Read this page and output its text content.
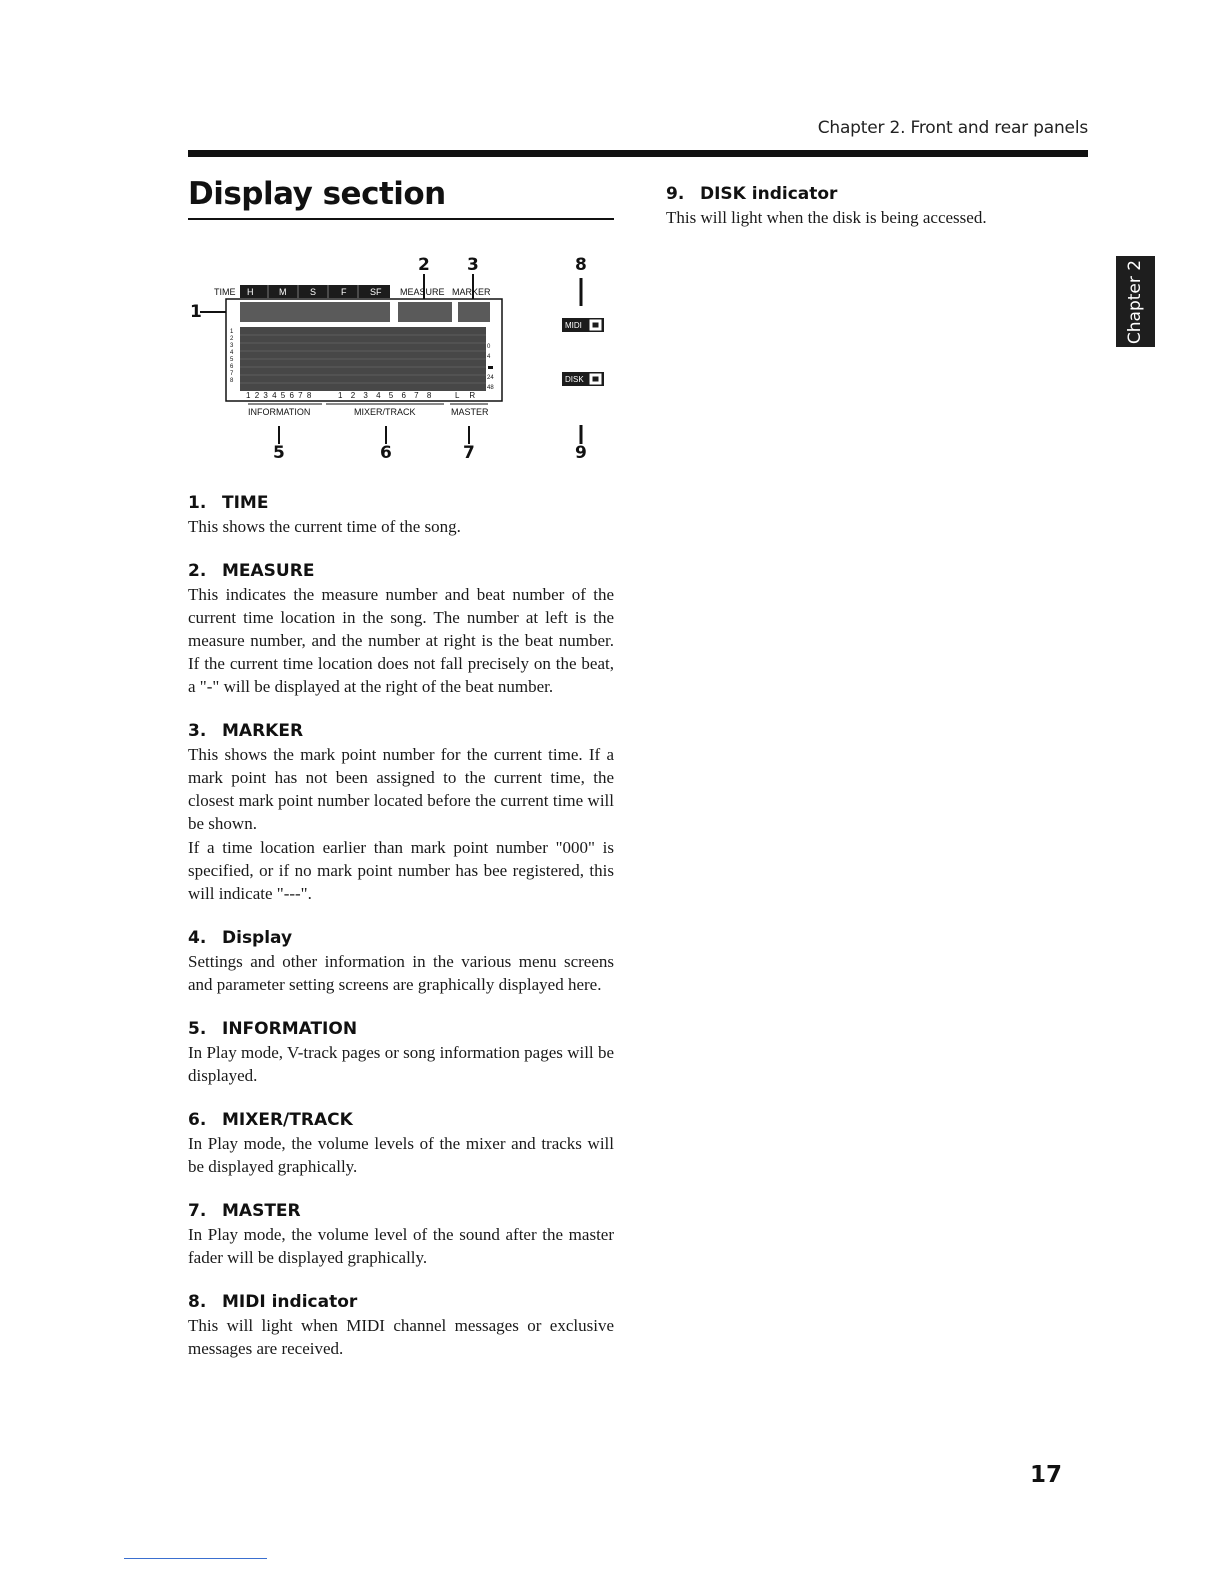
Chapter 2. Front and rear panels
Display section
Chapter 2
2 3	8
1
5	6	7	9
TIME H	M	S	F	SF MEASURE MARKER
1
2
3
4
5
6
7
8
0
4
24
48
1 2 3 4 5 6 7 8	1 2 3 4 5 6 7 8	L R
INFORMATION	MIXER/TRACK	MASTER
MIDI
DISK

1. TIME

This shows the current time of the song.

2. MEASURE

This indicates the measure number and beat number of the current time location in the song. The number at left is the measure number, and the number at right is the beat number. If the current time location does not fall precisely on the beat, a "-" will be displayed at the right of the beat number.

3. MARKER

This shows the mark point number for the current time. If a mark point has not been assigned to the current time, the closest mark point number located before the current time will be shown.

If a time location earlier than mark point number "000" is specified, or if no mark point number has bee registered, this will indicate "---".

4. Display

Settings and other information in the various menu screens and parameter setting screens are graphically displayed here.

5. INFORMATION

In Play mode, V-track pages or song information pages will be displayed.

6. MIXER/TRACK

In Play mode, the volume levels of the mixer and tracks will be displayed graphically.

7. MASTER

In Play mode, the volume level of the sound after the master fader will be displayed graphically.

8. MIDI indicator

This will light when MIDI channel messages or exclusive messages are received.

9. DISK indicator

This will light when the disk is being accessed.

17
